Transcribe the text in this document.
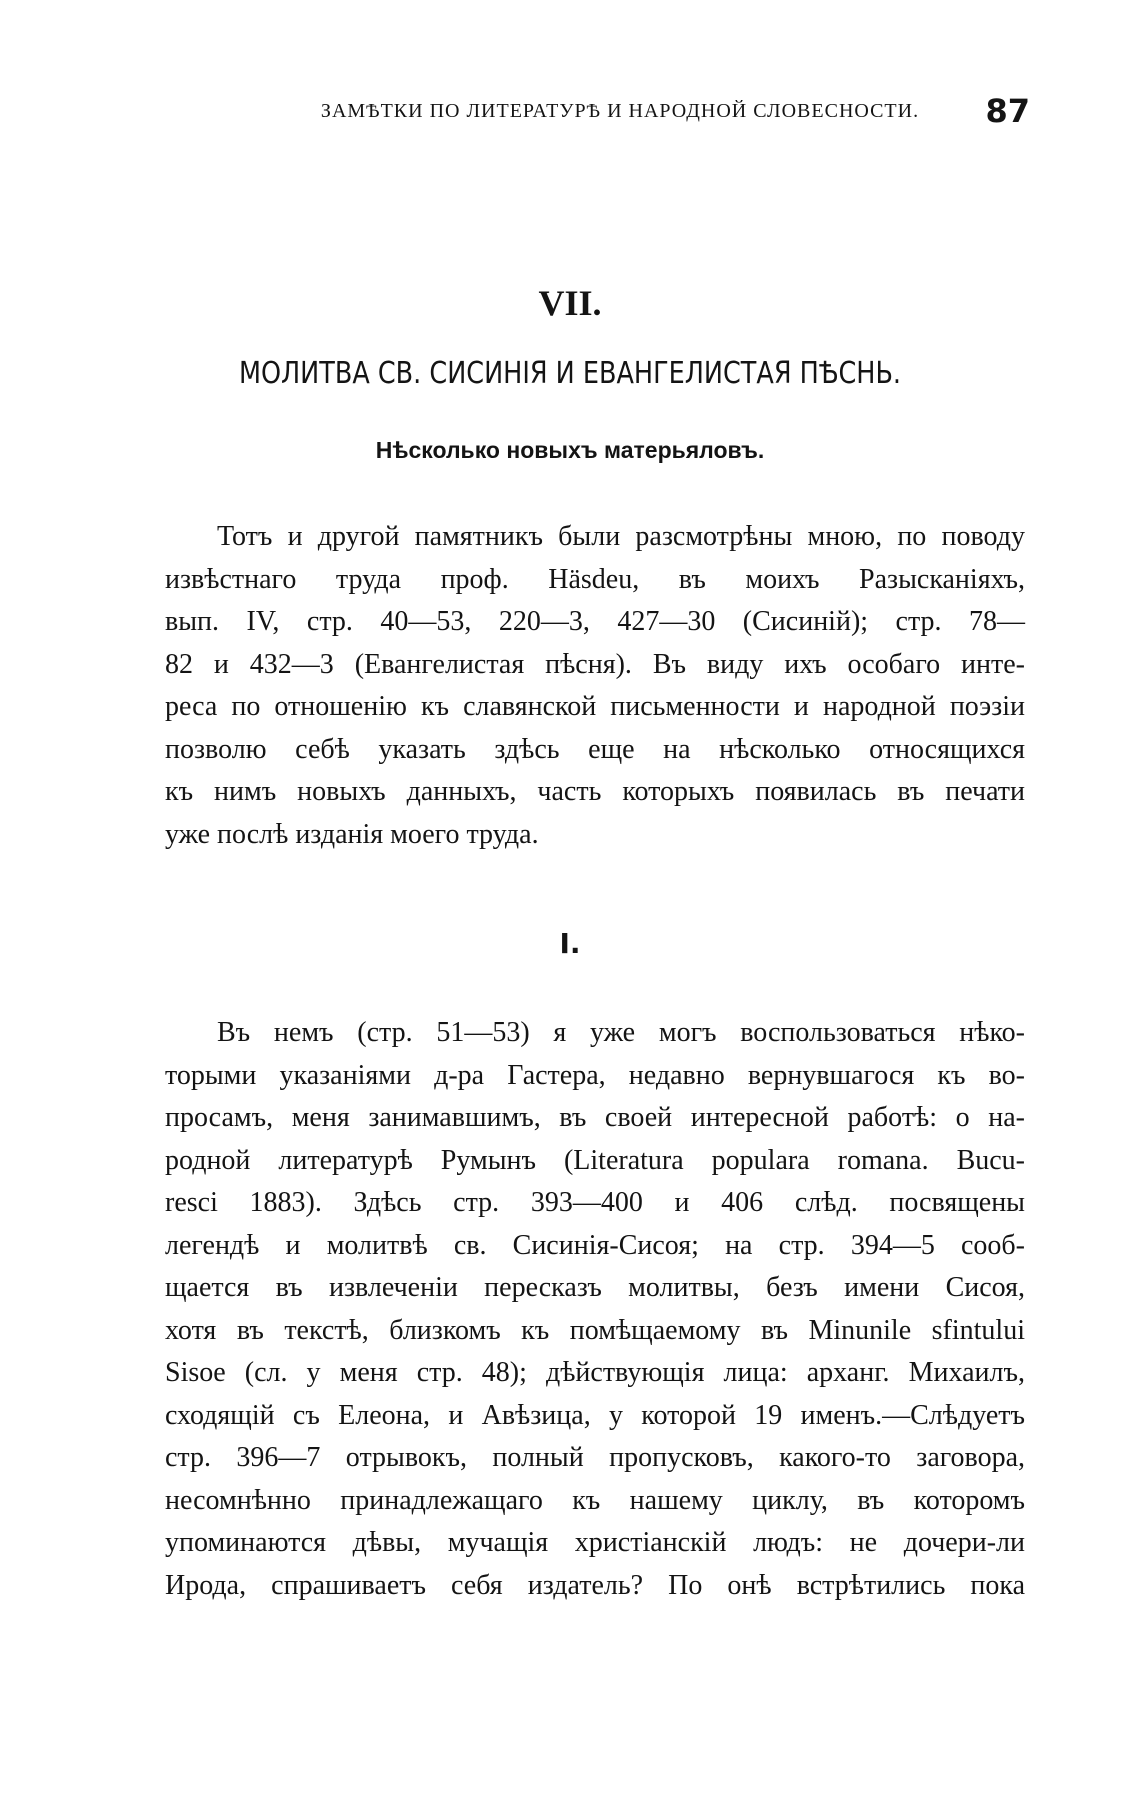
ЗАМѢТКИ ПО ЛИТЕРАТУРѢ И НАРОДНОЙ СЛОВЕСНОСТИ.	87
VII.
МОЛИТВА СВ. СИСИНІЯ И ЕВАНГЕЛИСТАЯ ПѢСНЬ.
Нѣсколько новыхъ матерьяловъ.
Тотъ и другой памятникъ были разсмотрѣны мною, по поводу
извѣстнаго труда проф. Häsdeu, въ моихъ Разысканіяхъ,
вып. IV, стр. 40—53, 220—3, 427—30 (Сисиній); стр. 78—
82 и 432—3 (Евангелистая пѣсня). Въ виду ихъ особаго инте-
реса по отношенію къ славянской письменности и народной поэзіи
позволю себѣ указать здѣсь еще на нѣсколько относящихся
къ нимъ новыхъ данныхъ, часть которыхъ появилась въ печати
уже послѣ изданія моего труда.
I.
Въ немъ (стр. 51—53) я уже могъ воспользоваться нѣко-
торыми указаніями д-ра Гастера, недавно вернувшагося къ во-
просамъ, меня занимавшимъ, въ своей интересной работѣ: о на-
родной литературѣ Румынъ (Literatura populara romana. Bucu-
resci 1883). Здѣсь стр. 393—400 и 406 слѣд. посвящены
легендѣ и молитвѣ св. Сисинія-Сисоя; на стр. 394—5 сооб-
щается въ извлеченіи пересказъ молитвы, безъ имени Сисоя,
хотя въ текстѣ, близкомъ къ помѣщаемому въ Minunile sfintului
Sisoe (сл. у меня стр. 48); дѣйствующія лица: арханг. Михаилъ,
сходящій съ Елеона, и Авѣзица, у которой 19 именъ.—Слѣдуетъ
стр. 396—7 отрывокъ, полный пропусковъ, какого-то заговора,
несомнѣнно принадлежащаго къ нашему циклу, въ которомъ
упоминаются дѣвы, мучащія христіанскій людъ: не дочери-ли
Ирода, спрашиваетъ себя издатель? По онѣ встрѣтились пока
